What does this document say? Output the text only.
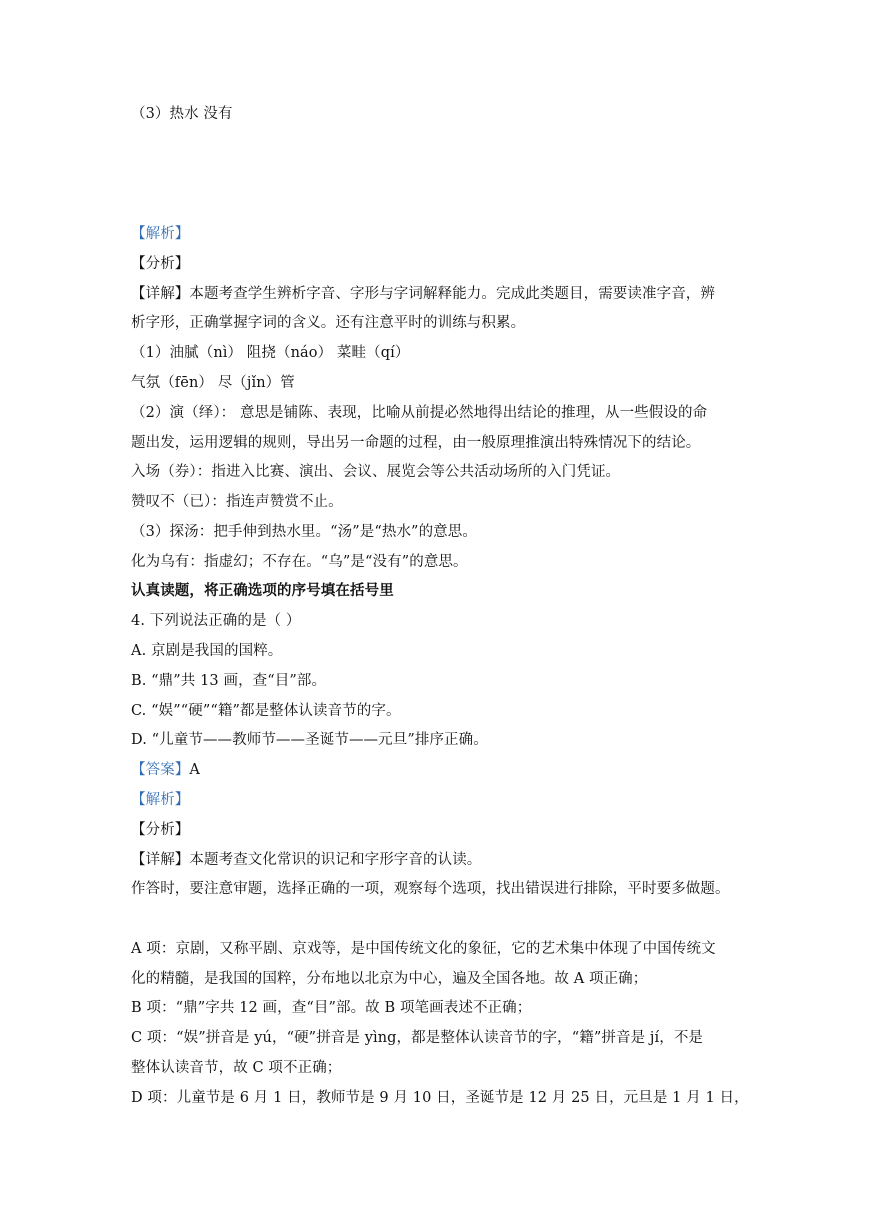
（3）热水 没有
【解析】
【分析】
【详解】本题考查学生辨析字音、字形与字词解释能力。完成此类题目，需要读准字音，辨
析字形，正确掌握字词的含义。还有注意平时的训练与积累。
（1）油腻（nì） 阻挠（náo） 菜畦（qí）
气氛（fēn） 尽（jǐn）管
（2）演（绎）： 意思是铺陈、表现，比喻从前提必然地得出结论的推理，从一些假设的命
题出发，运用逻辑的规则，导出另一命题的过程，由一般原理推演出特殊情况下的结论。
入场（券）：指进入比赛、演出、会议、展览会等公共活动场所的入门凭证。
赞叹不（已）：指连声赞赏不止。
（3）探汤：把手伸到热水里。“汤”是“热水”的意思。
化为乌有：指虚幻；不存在。“乌”是“没有”的意思。
认真读题，将正确选项的序号填在括号里
4. 下列说法正确的是（ ）
A. 京剧是我国的国粹。
B. “鼎”共 13 画，查“目”部。
C. “娱”“硬”“籍”都是整体认读音节的字。
D. “儿童节——教师节——圣诞节——元旦”排序正确。
【答案】A
【解析】
【分析】
【详解】本题考查文化常识的识记和字形字音的认读。
作答时，要注意审题，选择正确的一项，观察每个选项，找出错误进行排除，平时要多做题。
A 项：京剧，又称平剧、京戏等，是中国传统文化的象征，它的艺术集中体现了中国传统文
化的精髓，是我国的国粹，分布地以北京为中心，遍及全国各地。故 A 项正确；
B 项：“鼎”字共 12 画，查“目”部。故 B 项笔画表述不正确；
C 项：“娱”拼音是 yú，“硬”拼音是 yìng，都是整体认读音节的字，“籍”拼音是 jí，不是
整体认读音节，故 C 项不正确；
D 项：儿童节是 6 月 1 日，教师节是 9 月 10 日，圣诞节是 12 月 25 日，元旦是 1 月 1 日，
